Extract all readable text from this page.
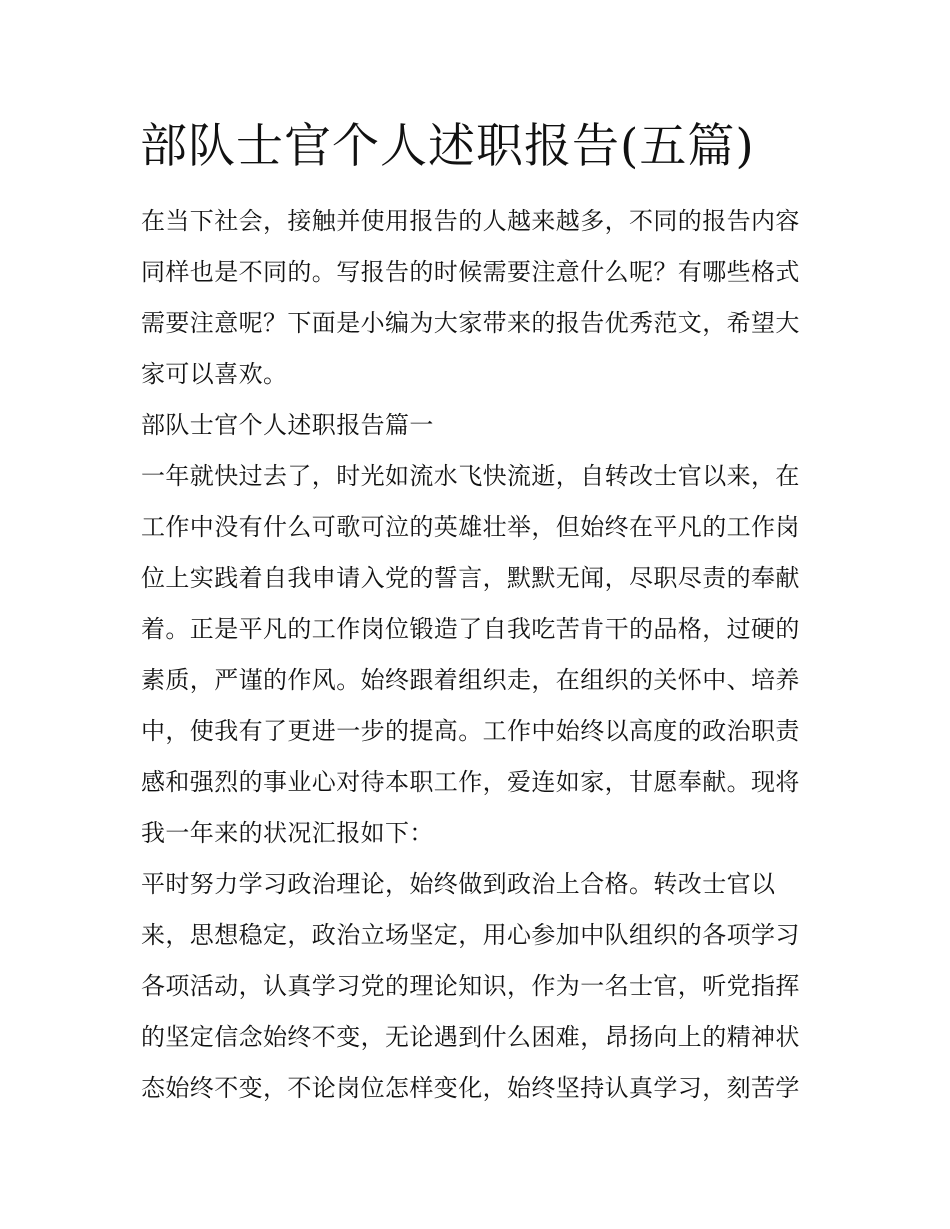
部队士官个人述职报告(五篇)

在当下社会，接触并使用报告的人越来越多，不同的报告内容

同样也是不同的。写报告的时候需要注意什么呢？有哪些格式

需要注意呢？下面是小编为大家带来的报告优秀范文，希望大

家可以喜欢。

部队士官个人述职报告篇一

一年就快过去了，时光如流水飞快流逝，自转改士官以来，在

工作中没有什么可歌可泣的英雄壮举，但始终在平凡的工作岗

位上实践着自我申请入党的誓言，默默无闻，尽职尽责的奉献

着。正是平凡的工作岗位锻造了自我吃苦肯干的品格，过硬的

素质，严谨的作风。始终跟着组织走，在组织的关怀中、培养

中，使我有了更进一步的提高。工作中始终以高度的政治职责

感和强烈的事业心对待本职工作，爱连如家，甘愿奉献。现将

我一年来的状况汇报如下：

平时努力学习政治理论，始终做到政治上合格。转改士官以

来，思想稳定，政治立场坚定，用心参加中队组织的各项学习

各项活动，认真学习党的理论知识，作为一名士官，听党指挥

的坚定信念始终不变，无论遇到什么困难，昂扬向上的精神状

态始终不变，不论岗位怎样变化，始终坚持认真学习，刻苦学
